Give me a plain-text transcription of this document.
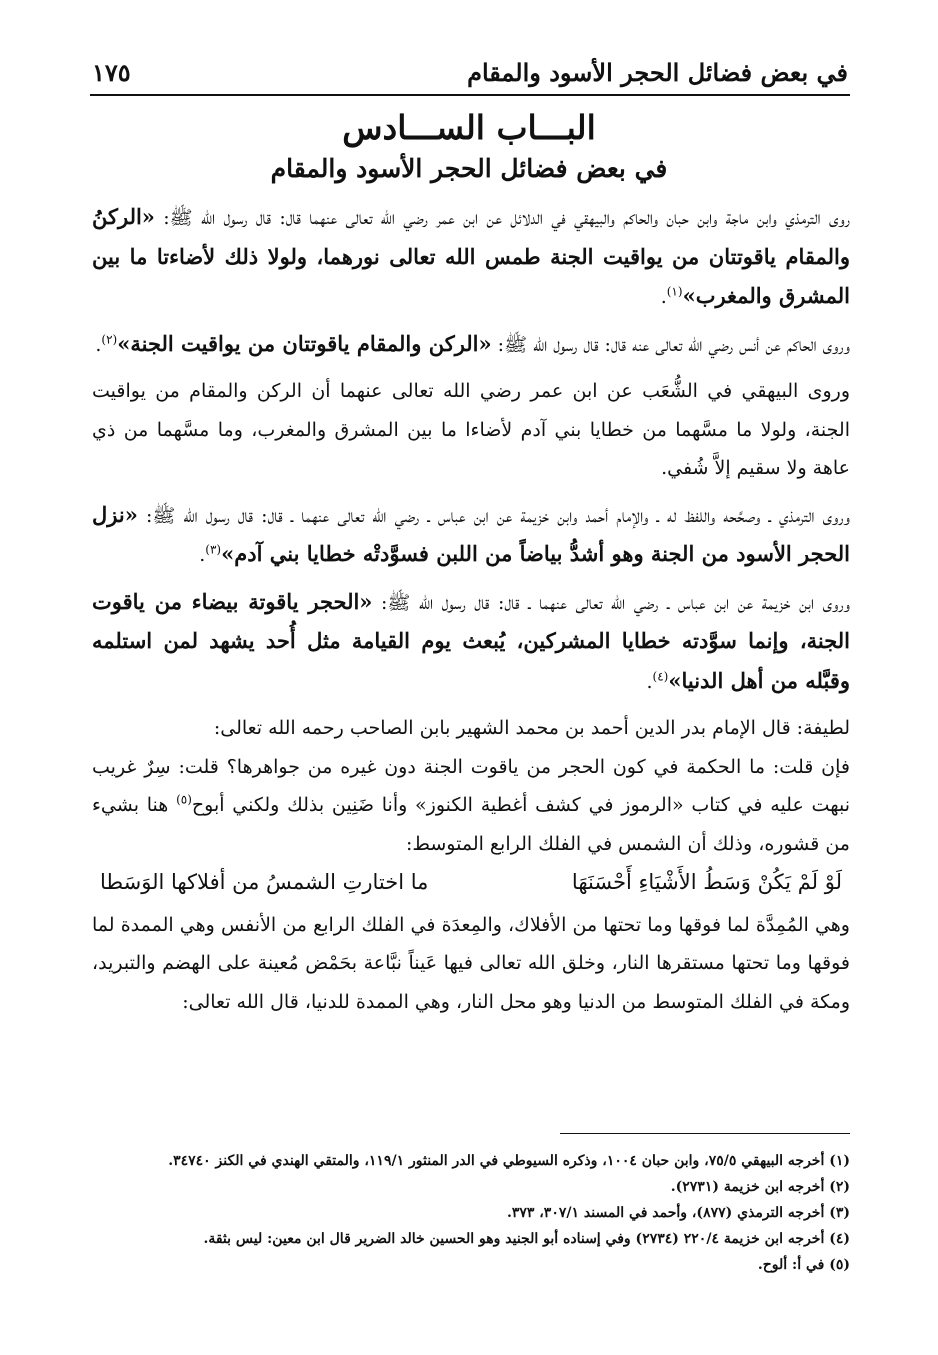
في بعض فضائل الحجر الأسود والمقام
١٧٥
البـــاب الســـادس
في بعض فضائل الحجر الأسود والمقام

روى الترمذي وابن ماجة وابن حبان والحاكم والبيهقي في الدلائل عن ابن عمر رضي الله تعالى عنهما قال: قال رسول الله ﷺ: «الركنُ والمقام ياقوتتان من يواقيت الجنة طمس الله تعالى نورهما، ولولا ذلك لأضاءتا ما بين المشرق والمغرب»$^{(١)}$.

وروى الحاكم عن أنس رضي الله تعالى عنه قال: قال رسول الله ﷺ: «الركن والمقام ياقوتتان من يواقيت الجنة»$^{(٢)}$.

وروى البيهقي في الشُّعَب عن ابن عمر رضي الله تعالى عنهما أن الركن والمقام من يواقيت الجنة، ولولا ما مسَّهما من خطايا بني آدم لأضاءا ما بين المشرق والمغرب، وما مسَّهما من ذي عاهة ولا سقيم إلاَّ شُفي.

وروى الترمذي ـ وصحَّحه واللفظ له ـ والإمام أحمد وابن خزيمة عن ابن عباس ـ رضي الله تعالى عنهما ـ قال: قال رسول الله ﷺ: «نزل الحجر الأسود من الجنة وهو أشدُّ بياضاً من اللبن فسوَّدتْه خطايا بني آدم»$^{(٣)}$.

وروى ابن خزيمة عن ابن عباس ـ رضي الله تعالى عنهما ـ قال: قال رسول الله ﷺ: «الحجر ياقوتة بيضاء من ياقوت الجنة، وإنما سوَّدته خطايا المشركين، يُبعث يوم القيامة مثل أُحد يشهد لمن استلمه وقبَّله من أهل الدنيا»$^{(٤)}$.

لطيفة: قال الإمام بدر الدين أحمد بن محمد الشهير بابن الصاحب رحمه الله تعالى:

فإن قلت: ما الحكمة في كون الحجر من ياقوت الجنة دون غيره من جواهرها؟ قلت: سِرٌ غريب نبهت عليه في كتاب «الرموز في كشف أغطية الكنوز» وأنا ضَنِين بذلك ولكني أبوح$^{(٥)}$ هنا بشيء من قشوره، وذلك أن الشمس في الفلك الرابع المتوسط:

لَوْ لَمْ يَكُنْ وَسَطُ الأَشْيَاءِ أَحْسَنَهَا
ما اختارتِ الشمسُ من أفلاكها الوَسَطا

وهي المُمِدَّة لما فوقها وما تحتها من الأفلاك، والمِعدَة في الفلك الرابع من الأنفس وهي الممدة لما فوقها وما تحتها مستقرها النار، وخلق الله تعالى فيها عَيناً نبَّاعة بحَمْض مُعينة على الهضم والتبريد، ومكة في الفلك المتوسط من الدنيا وهو محل النار، وهي الممدة للدنيا، قال الله تعالى:

(١) أخرجه البيهقي ٧٥/٥، وابن حبان ١٠٠٤، وذكره السيوطي في الدر المنثور ١١٩/١، والمتقي الهندي في الكنز ٣٤٧٤٠.

(٢) أخرجه ابن خزيمة (٢٧٣١).

(٣) أخرجه الترمذي (٨٧٧)، وأحمد في المسند ٣٠٧/١، ٣٧٣.

(٤) أخرجه ابن خزيمة ٢٢٠/٤ (٢٧٣٤) وفي إسناده أبو الجنيد وهو الحسين خالد الضرير قال ابن معين: ليس بثقة.

(٥) في أ: ألوح.
